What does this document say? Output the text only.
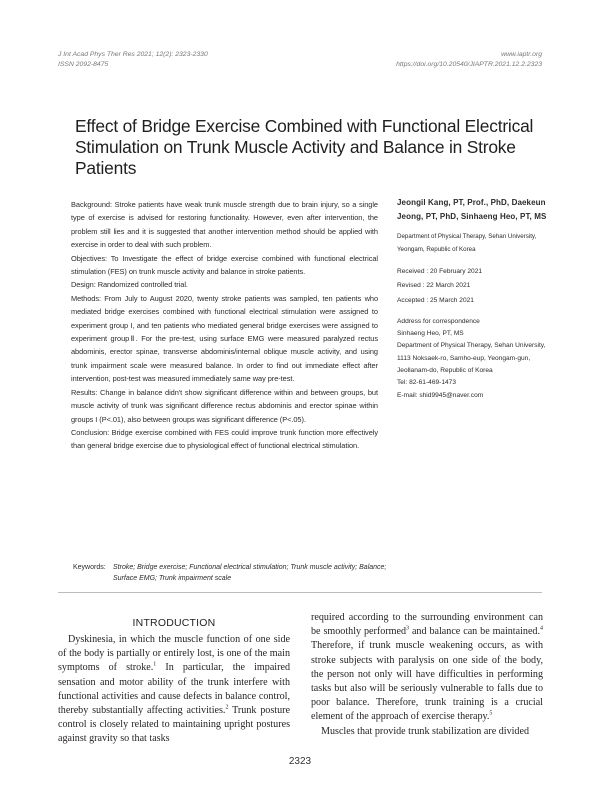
J Int Acad Phys Ther Res 2021; 12(2): 2323-2330
ISSN 2092-8475
www.iaptr.org
https://doi.org/10.20540/JIAPTR.2021.12.2.2323
Effect of Bridge Exercise Combined with Functional Electrical Stimulation on Trunk Muscle Activity and Balance in Stroke Patients

Background: Stroke patients have weak trunk muscle strength due to brain injury, so a single type of exercise is advised for restoring functionality. However, even after intervention, the problem still lies and it is suggested that another intervention method should be applied with exercise in order to deal with such problem.

Objectives: To Investigate the effect of bridge exercise combined with functional electrical stimulation (FES) on trunk muscle activity and balance in stroke patients.

Design: Randomized controlled trial.

Methods: From July to August 2020, twenty stroke patients was sampled, ten patients who mediated bridge exercises combined with functional electrical stimulation were assigned to experiment group I, and ten patients who mediated general bridge exercises were assigned to experiment groupⅡ. For the pre-test, using surface EMG were measured paralyzed rectus abdominis, erector spinae, transverse abdominis/internal oblique muscle activity, and using trunk impairment scale were measured balance. In order to find out immediate effect after intervention, post-test was measured immediately same way pre-test.

Results: Change in balance didn't show significant difference within and between groups, but muscle activity of trunk was significant difference rectus abdominis and erector spinae within groups I (P<.01), also between groups was significant difference (P<.05).

Conclusion: Bridge exercise combined with FES could improve trunk function more effectively than general bridge exercise due to physiological effect of functional electrical stimulation.

Jeongil Kang, PT, Prof., PhD, Daekeun Jeong, PT, PhD, Sinhaeng Heo, PT, MS

Department of Physical Therapy, Sehan University, Yeongam, Republic of Korea
Received : 20 February 2021
Revised : 22 March 2021
Accepted : 25 March 2021
Address for correspondence
Sinhaeng Heo, PT, MS
Department of Physical Therapy, Sehan University, 1113 Noksaek-ro, Samho-eup, Yeongam-gun, Jeollanam-do, Republic of Korea
Tel: 82-61-469-1473
E-mail: shid9945@naver.com
Keywords: Stroke; Bridge exercise; Functional electrical stimulation; Trunk muscle activity; Balance; Surface EMG; Trunk impairment scale
INTRODUCTION

Dyskinesia, in which the muscle function of one side of the body is partially or entirely lost, is one of the main symptoms of stroke.$^1$ In particular, the impaired sensation and motor ability of the trunk interfere with functional activities and cause defects in balance control, thereby substantially affecting activities.$^2$ Trunk posture control is closely related to maintaining upright postures against gravity so that tasks

required according to the surrounding environment can be smoothly performed$^3$ and balance can be maintained.$^4$ Therefore, if trunk muscle weakening occurs, as with stroke subjects with paralysis on one side of the body, the person not only will have difficulties in performing tasks but also will be seriously vulnerable to falls due to poor balance. Therefore, trunk training is a crucial element of the approach of exercise therapy.$^5$

Muscles that provide trunk stabilization are divided

2323
